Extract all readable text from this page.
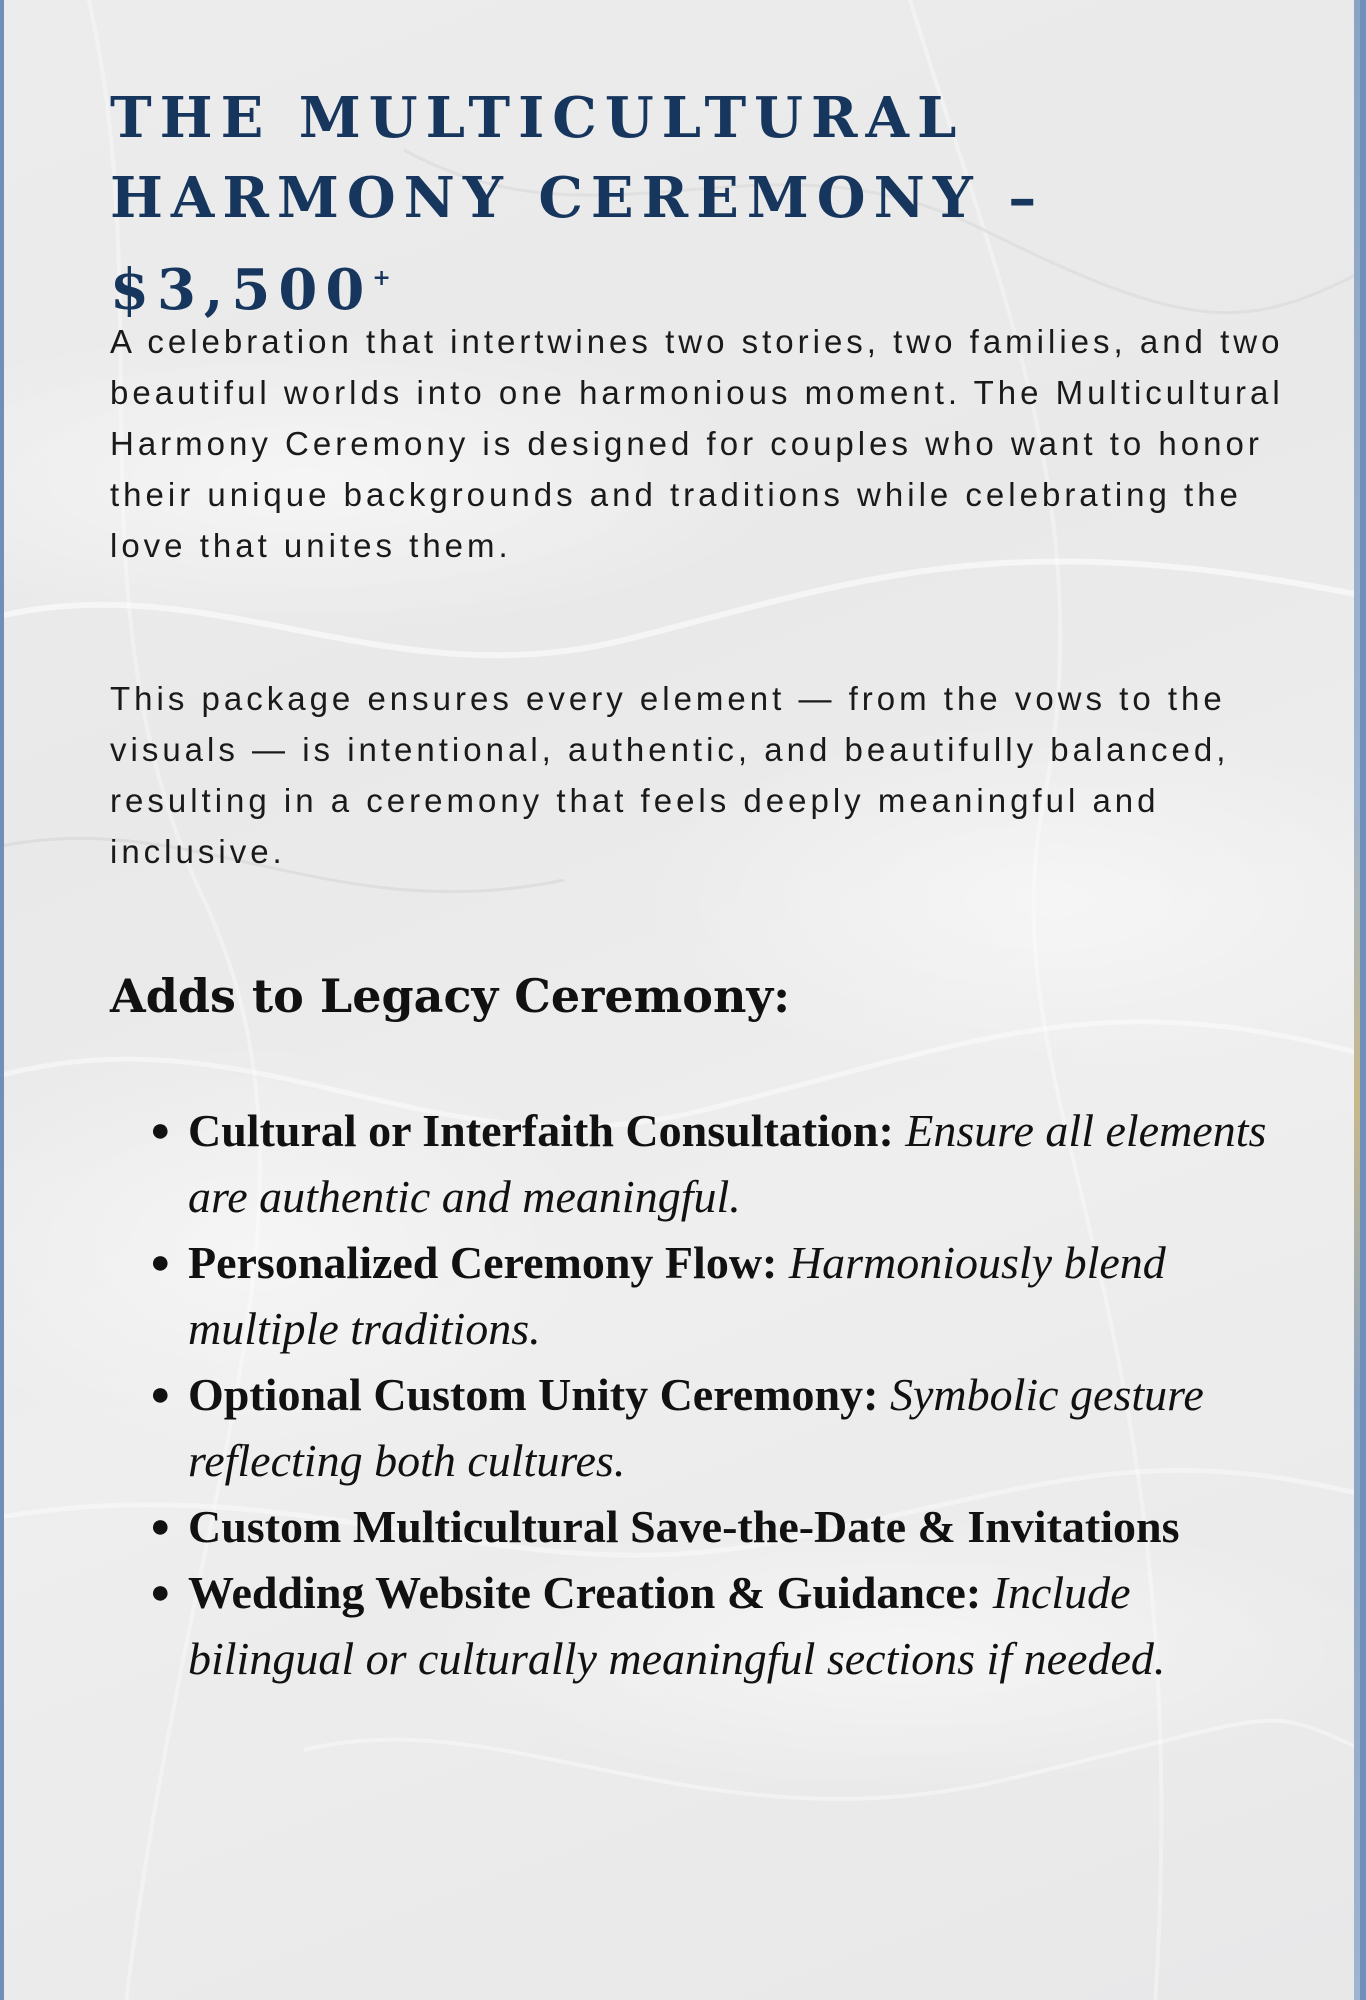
THE MULTICULTURAL
HARMONY CEREMONY – $3,500+

A celebration that intertwines two stories, two families, and two beautiful worlds into one harmonious moment. The Multicultural Harmony Ceremony is designed for couples who want to honor their unique backgrounds and traditions while celebrating the love that unites them.

This package ensures every element — from the vows to the visuals — is intentional, authentic, and beautifully balanced, resulting in a ceremony that feels deeply meaningful and inclusive.

Adds to Legacy Ceremony:
● Cultural or Interfaith Consultation: Ensure all elements are authentic and meaningful.
● Personalized Ceremony Flow: Harmoniously blend multiple traditions.
● Optional Custom Unity Ceremony: Symbolic gesture reflecting both cultures.
● Custom Multicultural Save-the-Date & Invitations
● Wedding Website Creation & Guidance: Include bilingual or culturally meaningful sections if needed.
